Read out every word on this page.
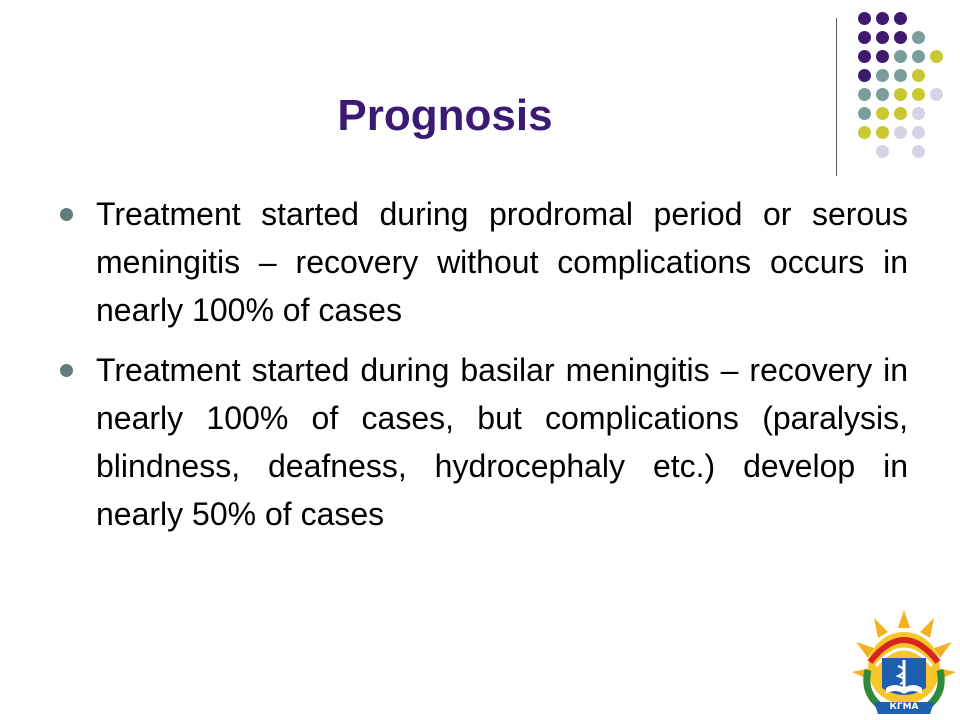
Prognosis
Treatment started during prodromal period or serous meningitis – recovery without complications occurs in nearly 100% of cases
Treatment started during basilar meningitis – recovery in nearly 100% of cases, but complications (paralysis, blindness, deafness, hydrocephaly etc.) develop in nearly 50% of cases
КГМА
